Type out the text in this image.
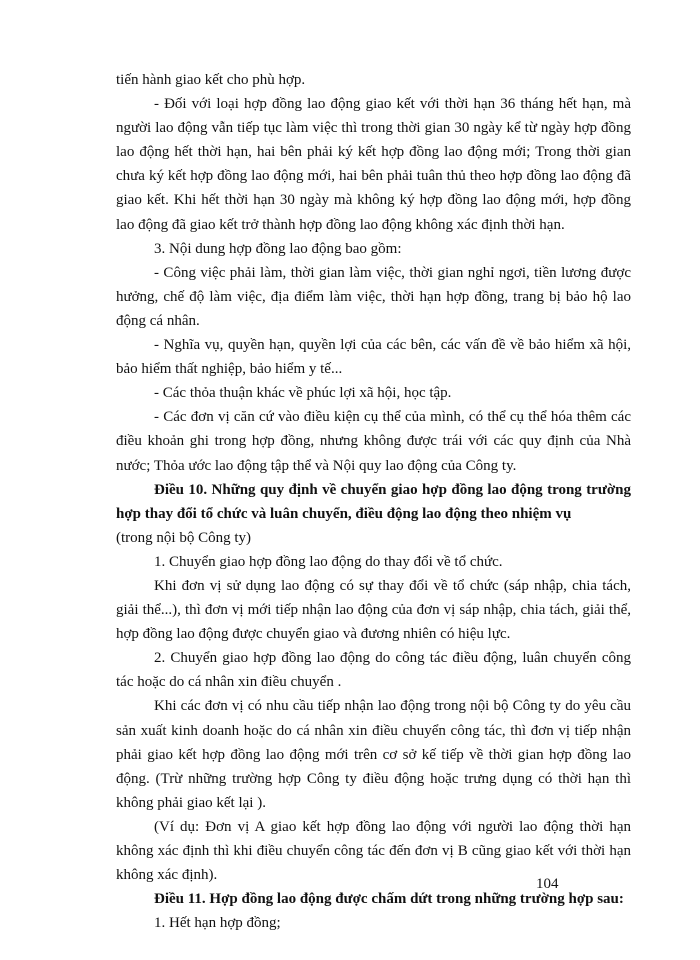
tiến hành giao kết cho phù hợp.

- Đối với loại hợp đồng lao động giao kết với thời hạn 36 tháng hết hạn, mà người lao động vẫn tiếp tục làm việc thì trong thời gian 30 ngày kể từ ngày hợp đồng lao động hết thời hạn, hai bên phải ký kết hợp đồng lao động mới; Trong thời gian chưa ký kết hợp đồng lao động mới, hai bên phải tuân thủ theo hợp đồng lao động đã giao kết. Khi hết thời hạn 30 ngày mà không ký hợp đồng lao động mới, hợp đồng lao động đã giao kết trở thành hợp đồng lao động không xác định thời hạn.

3. Nội dung hợp đồng lao động bao gồm:

- Công việc phải làm, thời gian làm việc, thời gian nghỉ ngơi, tiền lương được hưởng, chế độ làm việc, địa điểm làm việc, thời hạn hợp đồng, trang bị bảo hộ lao động cá nhân.

- Nghĩa vụ, quyền hạn, quyền lợi của các bên, các vấn đề về bảo hiểm xã hội, bảo hiểm thất nghiệp, bảo hiểm y tế...

- Các thỏa thuận khác về phúc lợi xã hội, học tập.

- Các đơn vị căn cứ vào điều kiện cụ thể của mình, có thể cụ thể hóa thêm các điều khoản ghi trong hợp đồng, nhưng không được trái với các quy định của Nhà nước; Thỏa ước lao động tập thể và Nội quy lao động của Công ty.

Điều 10. Những quy định về chuyển giao hợp đồng lao động trong trường hợp thay đổi tổ chức và luân chuyển, điều động lao động theo nhiệm vụ

(trong nội bộ Công ty)

1. Chuyển giao hợp đồng lao động do thay đổi về tổ chức.

Khi đơn vị sử dụng lao động có sự thay đổi về tổ chức (sáp nhập, chia tách, giải thể...), thì đơn vị mới tiếp nhận lao động của đơn vị sáp nhập, chia tách, giải thể, hợp đồng lao động được chuyển giao và đương nhiên có hiệu lực.

2. Chuyển giao hợp đồng lao động do công tác điều động, luân chuyển công tác hoặc do cá nhân xin điều chuyển .

Khi các đơn vị có nhu cầu tiếp nhận lao động trong nội bộ Công ty do yêu cầu sản xuất kinh doanh hoặc do cá nhân xin điều chuyển công tác, thì đơn vị tiếp nhận phải giao kết hợp đồng lao động mới trên cơ sở kế tiếp về thời gian hợp đồng lao động. (Trừ những trường hợp Công ty điều động hoặc trưng dụng có thời hạn thì không phải giao kết lại ).

(Ví dụ: Đơn vị A giao kết hợp đồng lao động với người lao động thời hạn không xác định thì khi điều chuyển công tác đến đơn vị B cũng giao kết với thời hạn không xác định).

Điều 11. Hợp đồng lao động được chấm dứt trong những trường hợp sau:

1. Hết hạn hợp đồng;

104
